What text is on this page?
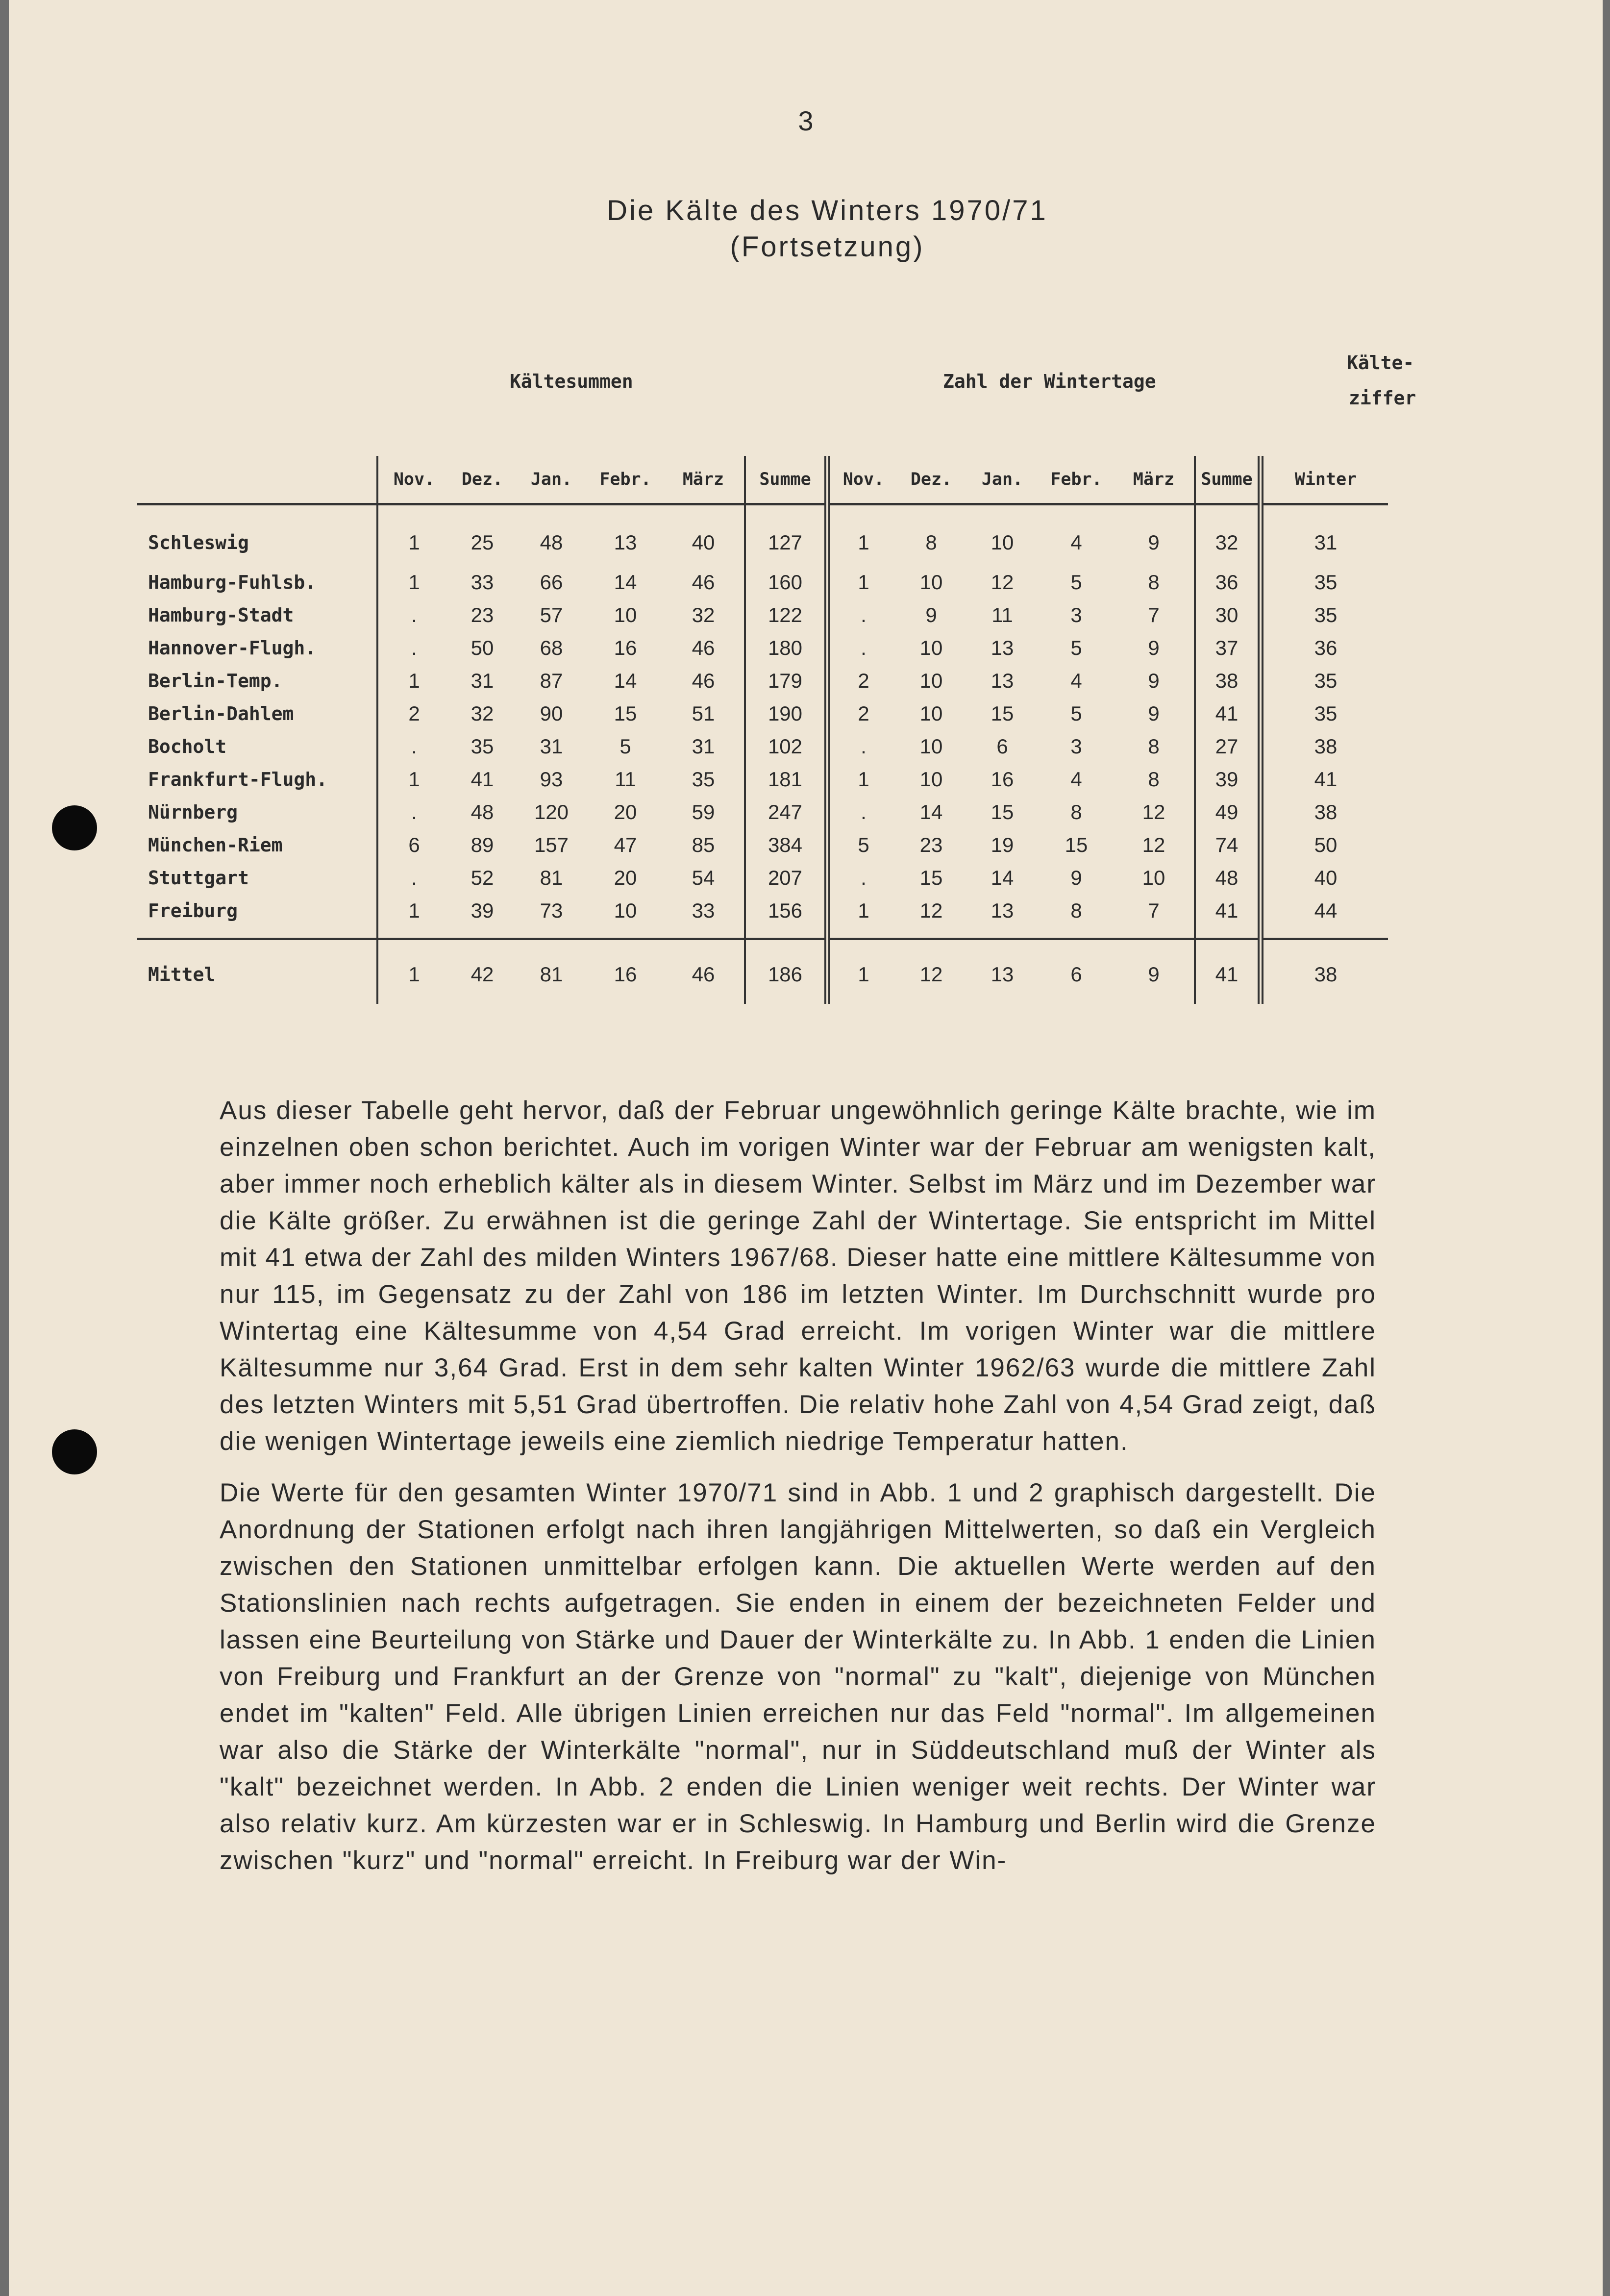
3
Die Kälte des Winters 1970/71
(Fortsetzung)
Kältesummen	Zahl der Wintertage
Kälte-
ziffer
	Nov.	Dez.	Jan.	Febr.	März	Summe	Nov.	Dez.	Jan.	Febr.	März	Summe	Winter
Schleswig	1	25	48	13	40	127	1	8	10	4	9	32	31
Hamburg-Fuhlsb.	1	33	66	14	46	160	1	10	12	5	8	36	35
Hamburg-Stadt	.	23	57	10	32	122	.	9	11	3	7	30	35
Hannover-Flugh.	.	50	68	16	46	180	.	10	13	5	9	37	36
Berlin-Temp.	1	31	87	14	46	179	2	10	13	4	9	38	35
Berlin-Dahlem	2	32	90	15	51	190	2	10	15	5	9	41	35
Bocholt	.	35	31	5	31	102	.	10	6	3	8	27	38
Frankfurt-Flugh.	1	41	93	11	35	181	1	10	16	4	8	39	41
Nürnberg	.	48	120	20	59	247	.	14	15	8	12	49	38
München-Riem	6	89	157	47	85	384	5	23	19	15	12	74	50
Stuttgart	.	52	81	20	54	207	.	15	14	9	10	48	40
Freiburg	1	39	73	10	33	156	1	12	13	8	7	41	44
Mittel	1	42	81	16	46	186	1	12	13	6	9	41	38

Aus dieser Tabelle geht hervor, daß der Februar ungewöhnlich geringe Kälte brachte, wie im einzelnen oben schon berichtet. Auch im vorigen Winter war der Februar am wenigsten kalt, aber immer noch erheblich kälter als in diesem Winter. Selbst im März und im Dezember war die Kälte größer. Zu erwähnen ist die geringe Zahl der Wintertage. Sie entspricht im Mittel mit 41 etwa der Zahl des milden Winters 1967/68. Dieser hatte eine mittlere Kältesumme von nur 115, im Gegensatz zu der Zahl von 186 im letzten Winter. Im Durchschnitt wurde pro Wintertag eine Kältesumme von 4,54 Grad erreicht. Im vorigen Winter war die mittlere Kältesumme nur 3,64 Grad. Erst in dem sehr kalten Winter 1962/63 wurde die mittlere Zahl des letzten Winters mit 5,51 Grad übertroffen. Die relativ hohe Zahl von 4,54 Grad zeigt, daß die wenigen Wintertage jeweils eine ziemlich niedrige Temperatur hatten.

Die Werte für den gesamten Winter 1970/71 sind in Abb. 1 und 2 graphisch dargestellt. Die Anordnung der Stationen erfolgt nach ihren langjährigen Mittelwerten, so daß ein Vergleich zwischen den Stationen unmittelbar erfolgen kann. Die aktuellen Werte werden auf den Stationslinien nach rechts aufgetragen. Sie enden in einem der bezeichneten Felder und lassen eine Beurteilung von Stärke und Dauer der Winterkälte zu. In Abb. 1 enden die Linien von Freiburg und Frankfurt an der Grenze von "normal" zu "kalt", diejenige von München endet im "kalten" Feld. Alle übrigen Linien erreichen nur das Feld "normal". Im allgemeinen war also die Stärke der Winterkälte "normal", nur in Süddeutschland muß der Winter als "kalt" bezeichnet werden. In Abb. 2 enden die Linien weniger weit rechts. Der Winter war also relativ kurz. Am kürzesten war er in Schleswig. In Hamburg und Berlin wird die Grenze zwischen "kurz" und "normal" erreicht. In Freiburg war der Win-
